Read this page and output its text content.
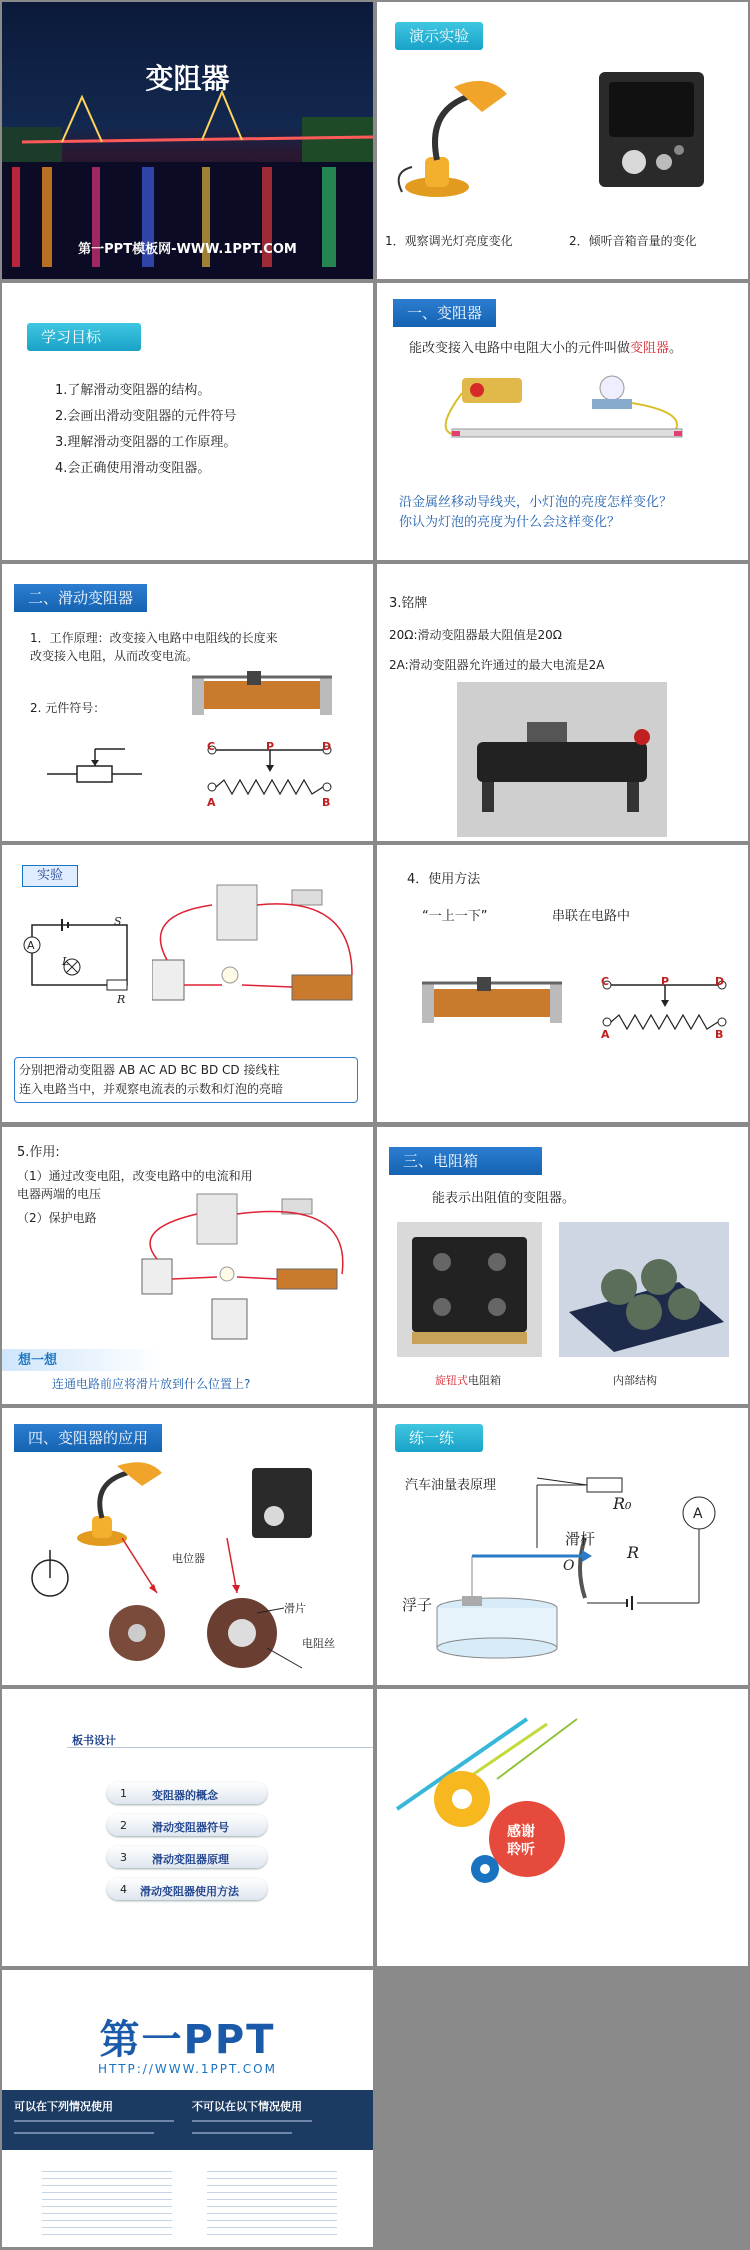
变阻器
第一PPT模板网-WWW.1PPT.COM
演示实验
1．观察调光灯亮度变化	2．倾听音箱音量的变化
学习目标
1.了解滑动变阻器的结构。
2.会画出滑动变阻器的元件符号
3.理解滑动变阻器的工作原理。
4.会正确使用滑动变阻器。
一、变阻器
能改变接入电路中电阻大小的元件叫做变阻器。
沿金属丝移动导线夹，小灯泡的亮度怎样变化？
你认为灯泡的亮度为什么会这样变化？
二、滑动变阻器
1．工作原理：改变接入电路中电阻线的长度来
改变接入电阻，从而改变电流。
2. 元件符号：
C	P	D
A	B
3.铭牌
20Ω:滑动变阻器最大阻值是20Ω
2A:滑动变阻器允许通过的最大电流是2A
实验
A
L
S
R
分别把滑动变阻器 AB AC AD BC BD CD 接线柱
连入电路当中，并观察电流表的示数和灯泡的亮暗
4．使用方法
“一上一下”	串联在电路中
C	P	D
A	B
5.作用:
（1）通过改变电阻，改变电路中的电流和用
电器两端的电压
（2）保护电路
想一想
连通电路前应将滑片放到什么位置上?
三、电阻箱
能表示出阻值的变阻器。
旋钮式电阻箱	内部结构
四、变阻器的应用
电位器
滑片
电阻丝
练一练
汽车油量表原理
R₀
A
滑杆
R
O
浮子
板书设计
1 变阻器的概念
2 滑动变阻器符号
3 滑动变阻器原理
4 滑动变阻器使用方法
感谢
聆听
第一PPT
HTTP://WWW.1PPT.COM
可以在下列情况使用	不可以在以下情况使用
